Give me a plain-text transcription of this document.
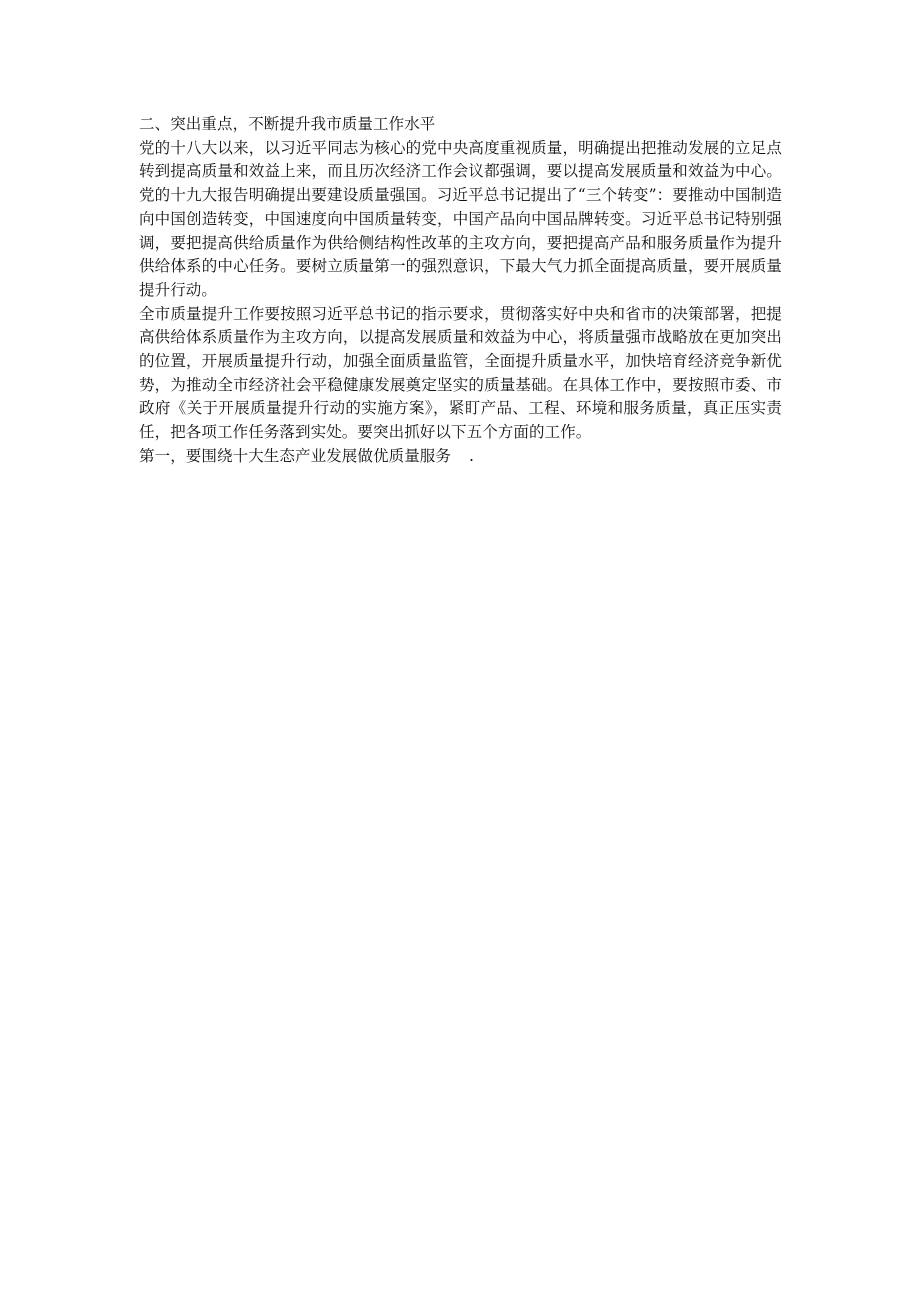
二、突出重点，不断提升我市质量工作水平

党的十八大以来，以习近平同志为核心的党中央高度重视质量，明确提出把推动发展的立足点转到提高质量和效益上来，而且历次经济工作会议都强调，要以提高发展质量和效益为中心。党的十九大报告明确提出要建设质量强国。习近平总书记提出了“三个转变”：要推动中国制造向中国创造转变，中国速度向中国质量转变，中国产品向中国品牌转变。习近平总书记特别强调，要把提高供给质量作为供给侧结构性改革的主攻方向，要把提高产品和服务质量作为提升供给体系的中心任务。要树立质量第一的强烈意识，下最大气力抓全面提高质量，要开展质量提升行动。

全市质量提升工作要按照习近平总书记的指示要求，贯彻落实好中央和省市的决策部署，把提高供给体系质量作为主攻方向，以提高发展质量和效益为中心，将质量强市战略放在更加突出的位置，开展质量提升行动，加强全面质量监管，全面提升质量水平，加快培育经济竞争新优势，为推动全市经济社会平稳健康发展奠定坚实的质量基础。在具体工作中，要按照市委、市政府《关于开展质量提升行动的实施方案》，紧盯产品、工程、环境和服务质量，真正压实责任，把各项工作任务落到实处。要突出抓好以下五个方面的工作。

第一，要围绕十大生态产业发展做优质量服务 .
